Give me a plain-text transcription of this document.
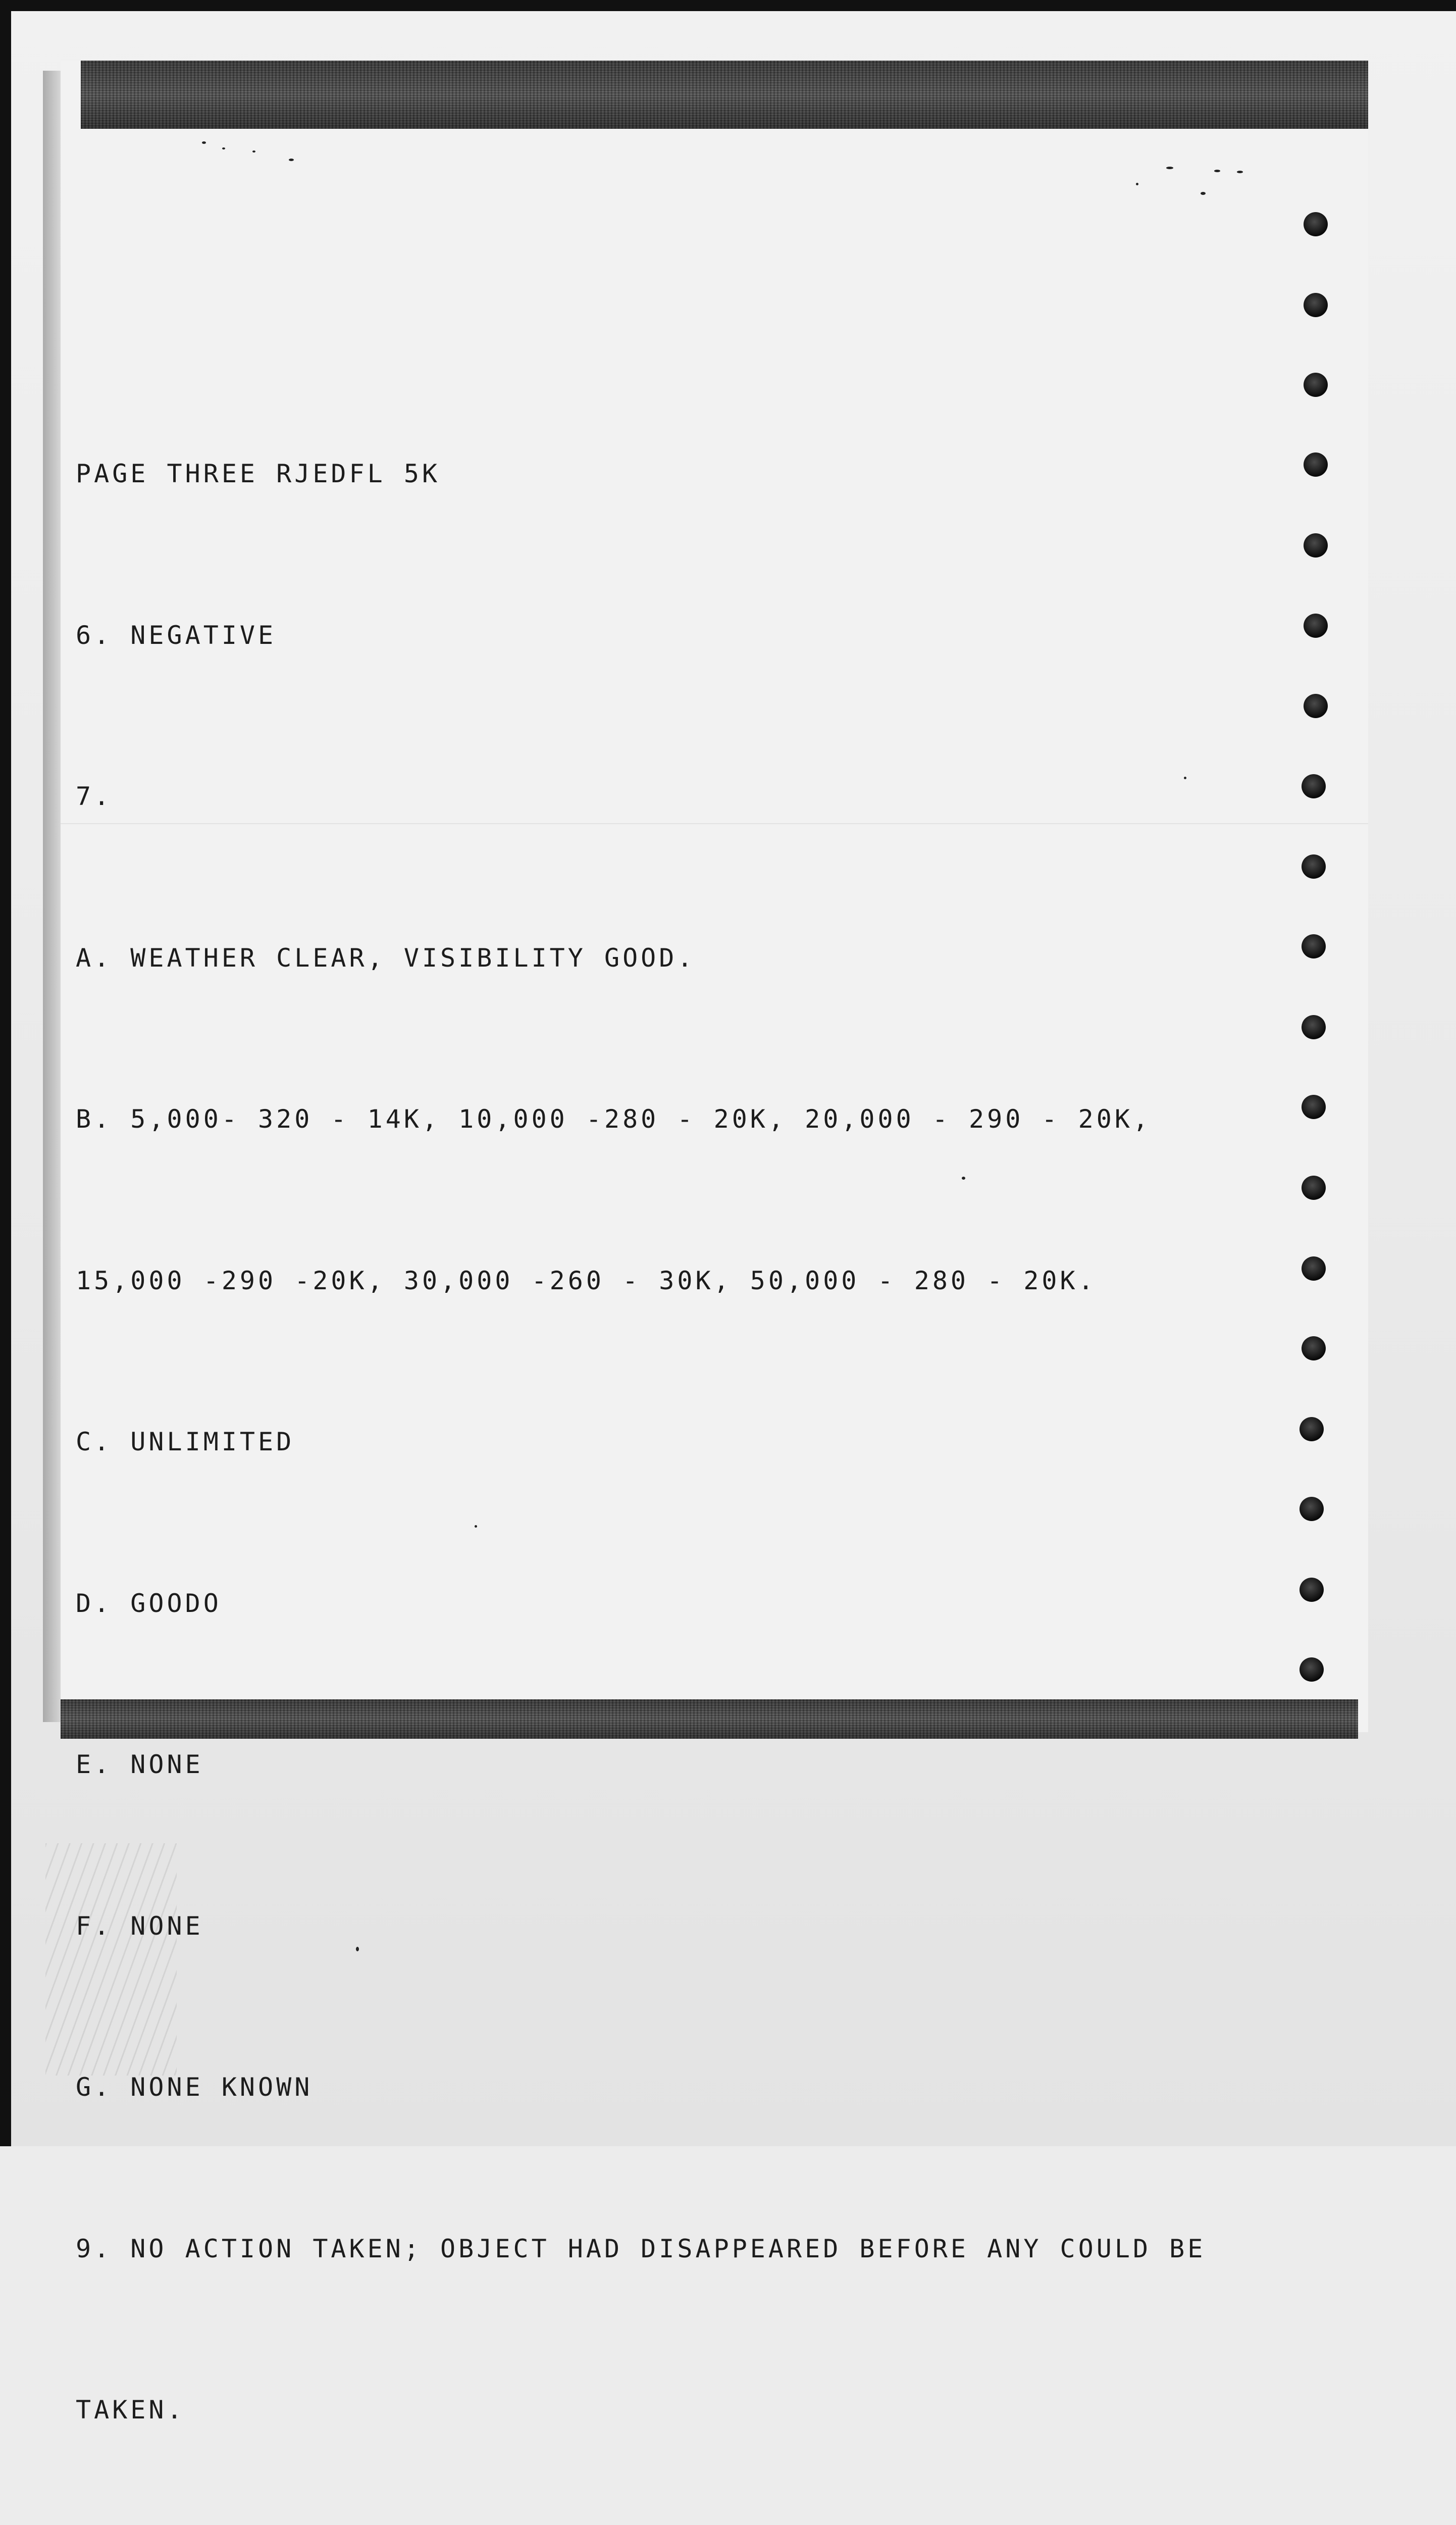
PAGE THREE RJEDFL 5K

6. NEGATIVE

7.

A. WEATHER CLEAR, VISIBILITY GOOD.

B. 5,000- 320 - 14K, 10,000 -280 - 20K, 20,000 - 290 - 20K,

15,000 -290 -20K, 30,000 -260 - 30K, 50,000 - 280 - 20K.

C. UNLIMITED

D. GOODO

E. NONE

F. NONE

G. NONE KNOWN

9. NO ACTION TAKEN; OBJECT HAD DISAPPEARED BEFORE ANY COULD BE

TAKEN.
